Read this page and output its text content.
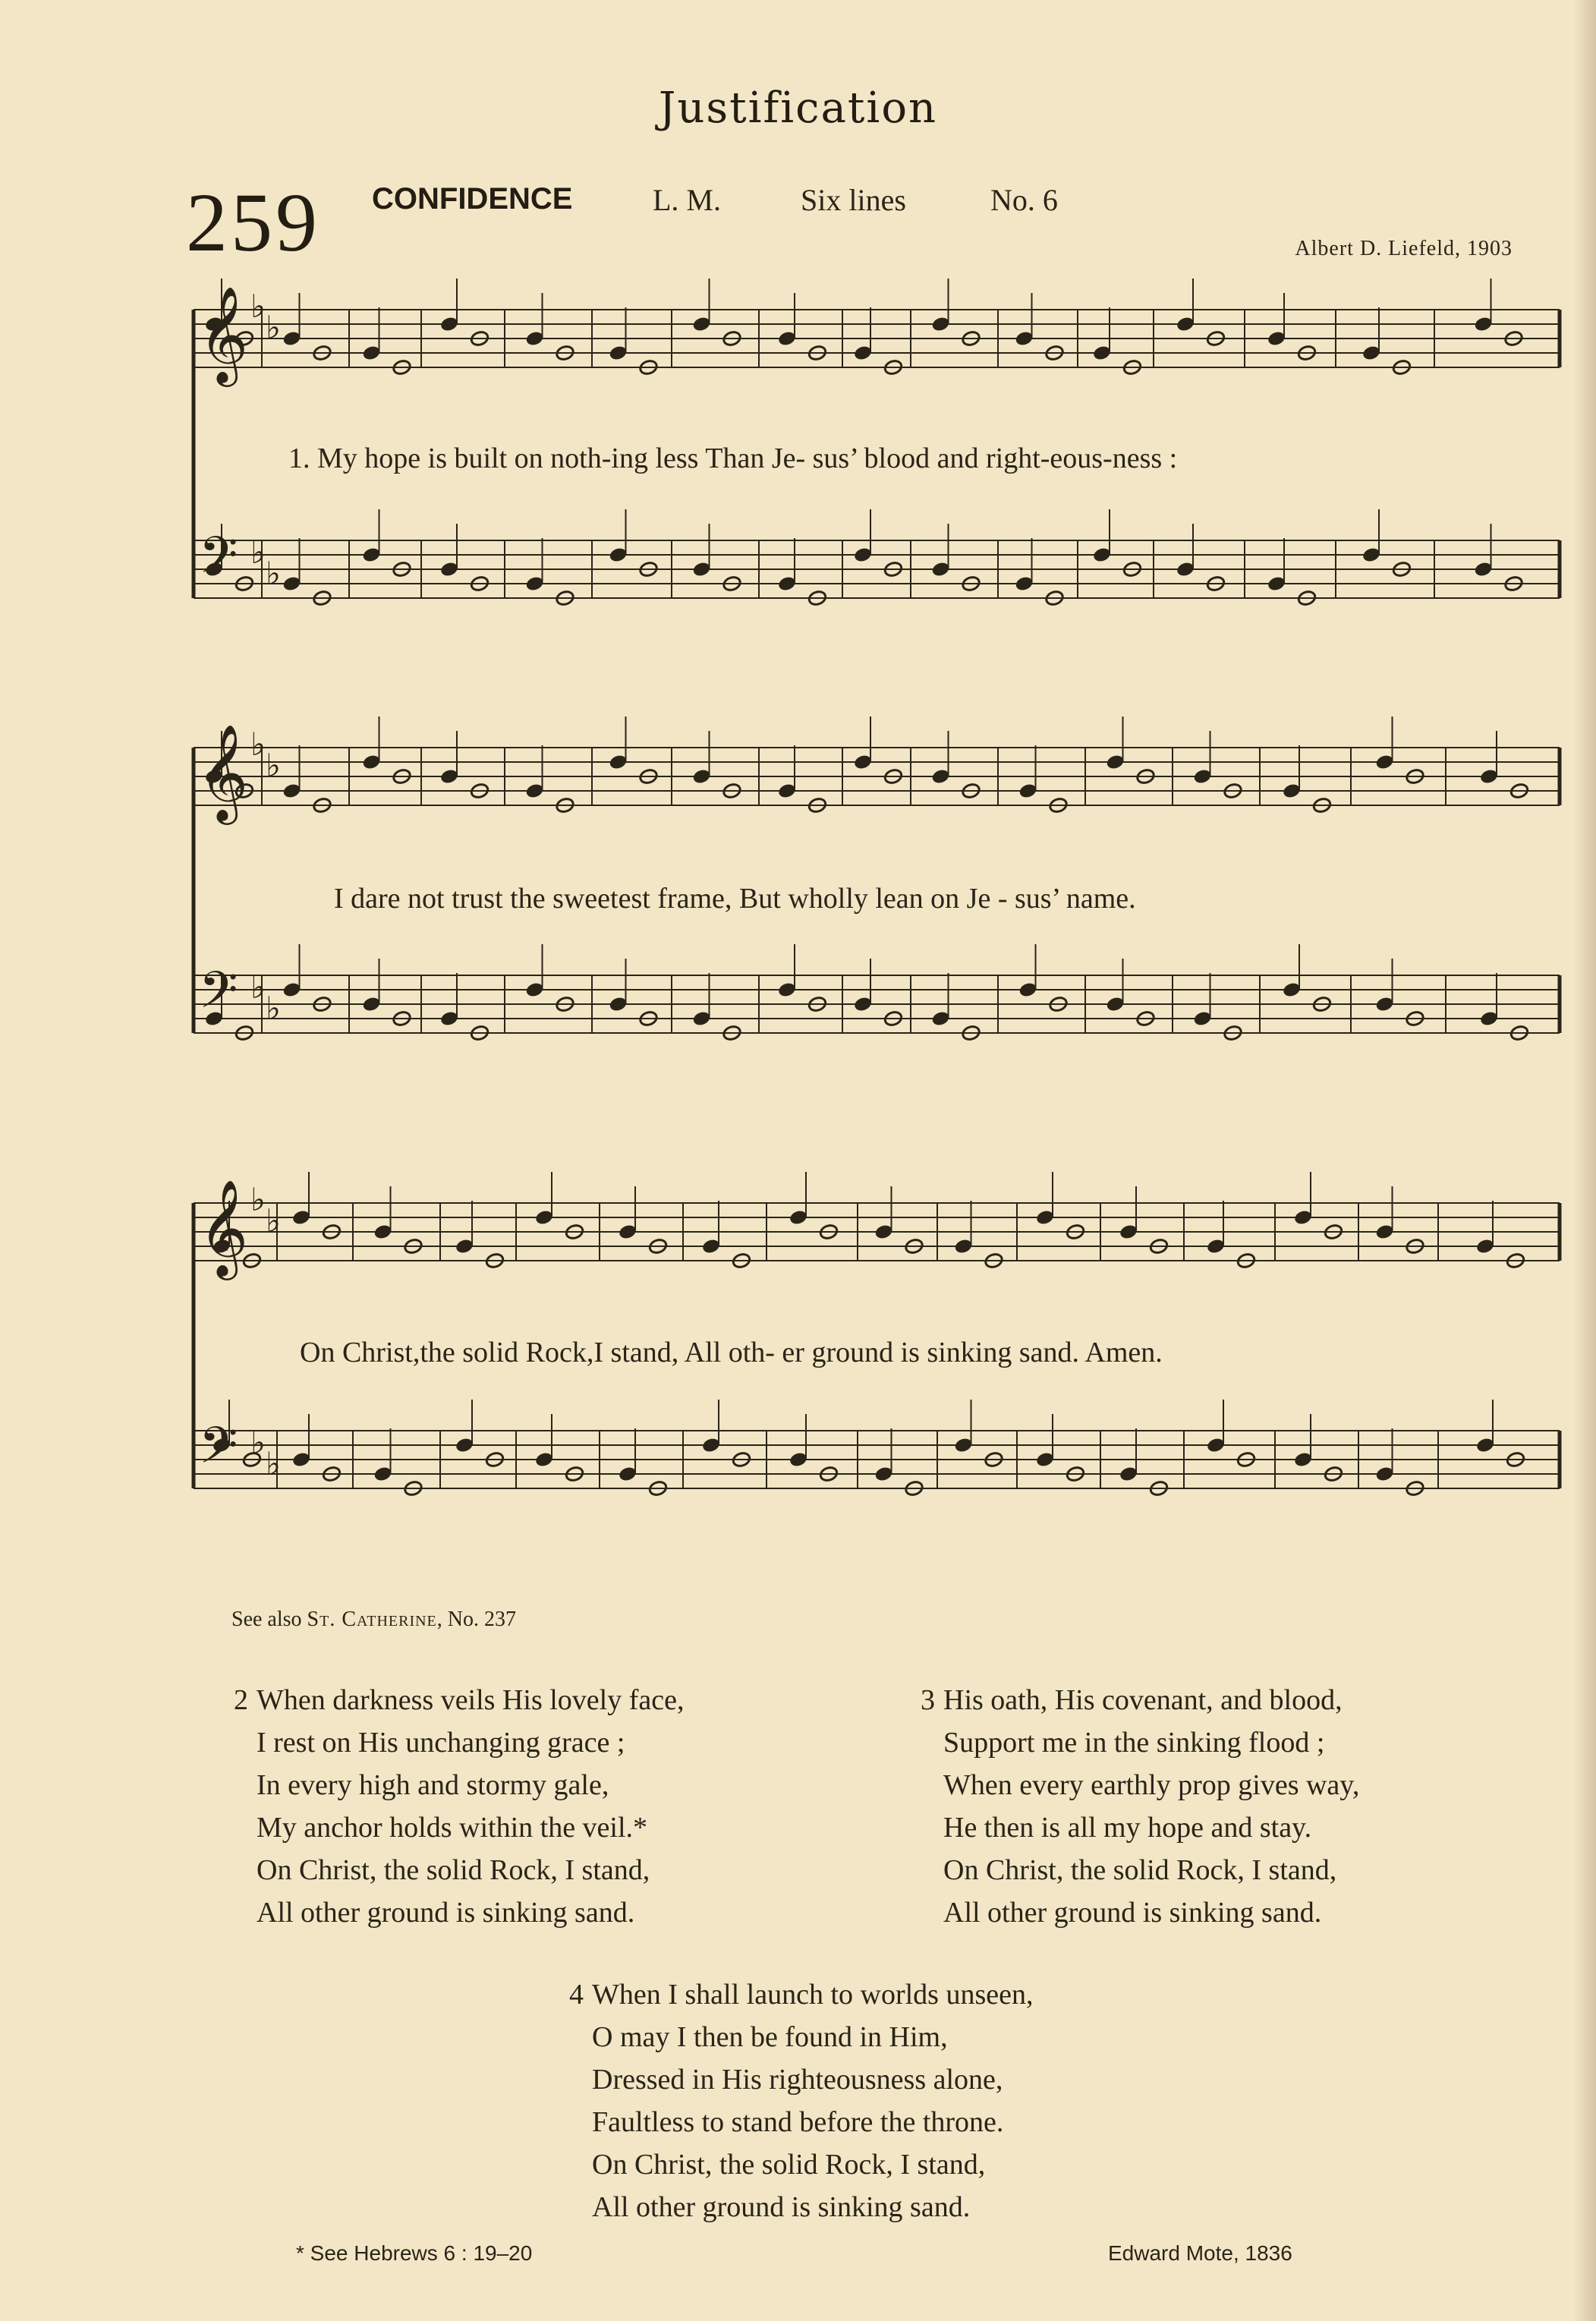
Justification
259 CONFIDENCE	L. M.	Six lines	No. 6
Albert D. Liefeld, 1903
𝄞
𝄢
♭
♭
♭
♭
𝄞
𝄢
♭
♭
♭
♭
𝄞
𝄢
♭
♭
♭
♭
1. My hope is built on noth-ing less Than Je- sus’ blood and right-eous-ness :
I dare not trust the sweetest frame, But wholly lean on Je - sus’ name.
On Christ,the solid Rock,I stand, All oth- er ground is sinking sand. Amen.
See also St. Catherine, No. 237
2 When darkness veils His lovely face,
I rest on His unchanging grace ;
In every high and stormy gale,
My anchor holds within the veil.*
On Christ, the solid Rock, I stand,
All other ground is sinking sand.
3 His oath, His covenant, and blood,
Support me in the sinking flood ;
When every earthly prop gives way,
He then is all my hope and stay.
On Christ, the solid Rock, I stand,
All other ground is sinking sand.
4 When I shall launch to worlds unseen,
O may I then be found in Him,
Dressed in His righteousness alone,
Faultless to stand before the throne.
On Christ, the solid Rock, I stand,
All other ground is sinking sand.
* See Hebrews 6 : 19–20	Edward Mote, 1836
